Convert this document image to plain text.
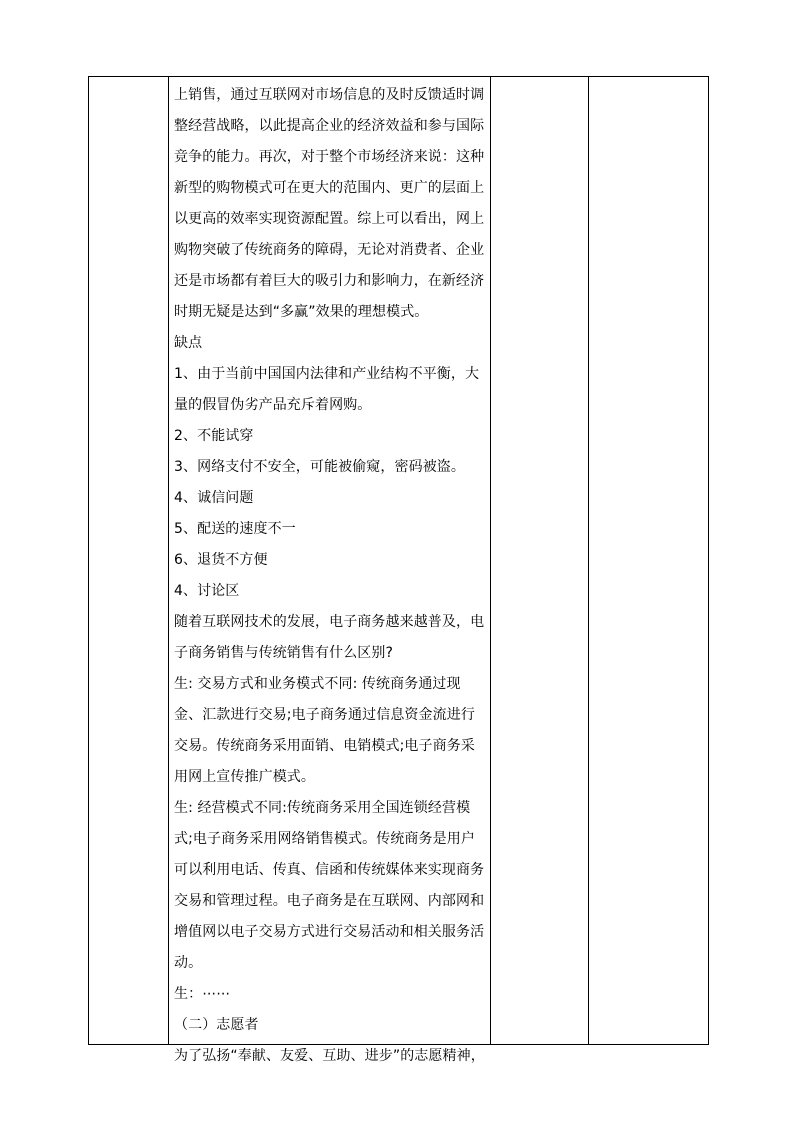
上销售，通过互联网对市场信息的及时反馈适时调整经营战略，以此提高企业的经济效益和参与国际竞争的能力。再次，对于整个市场经济来说：这种新型的购物模式可在更大的范围内、更广的层面上以更高的效率实现资源配置。综上可以看出，网上购物突破了传统商务的障碍，无论对消费者、企业还是市场都有着巨大的吸引力和影响力，在新经济时期无疑是达到“多赢”效果的理想模式。

缺点

1、由于当前中国国内法律和产业结构不平衡，大量的假冒伪劣产品充斥着网购。

2、不能试穿

3、网络支付不安全，可能被偷窥，密码被盗。

4、诚信问题

5、配送的速度不一

6、退货不方便

4、讨论区

随着互联网技术的发展，电子商务越来越普及，电子商务销售与传统销售有什么区别?

生: 交易方式和业务模式不同: 传统商务通过现金、汇款进行交易;电子商务通过信息资金流进行交易。传统商务采用面销、电销模式;电子商务采用网上宣传推广模式。

生: 经营模式不同:传统商务采用全国连锁经营模式;电子商务采用网络销售模式。传统商务是用户可以利用电话、传真、信函和传统媒体来实现商务交易和管理过程。电子商务是在互联网、内部网和增值网以电子交易方式进行交易活动和相关服务活动。

生：⋯⋯

（二）志愿者

为了弘扬“奉献、友爱、互助、进步”的志愿精神，
